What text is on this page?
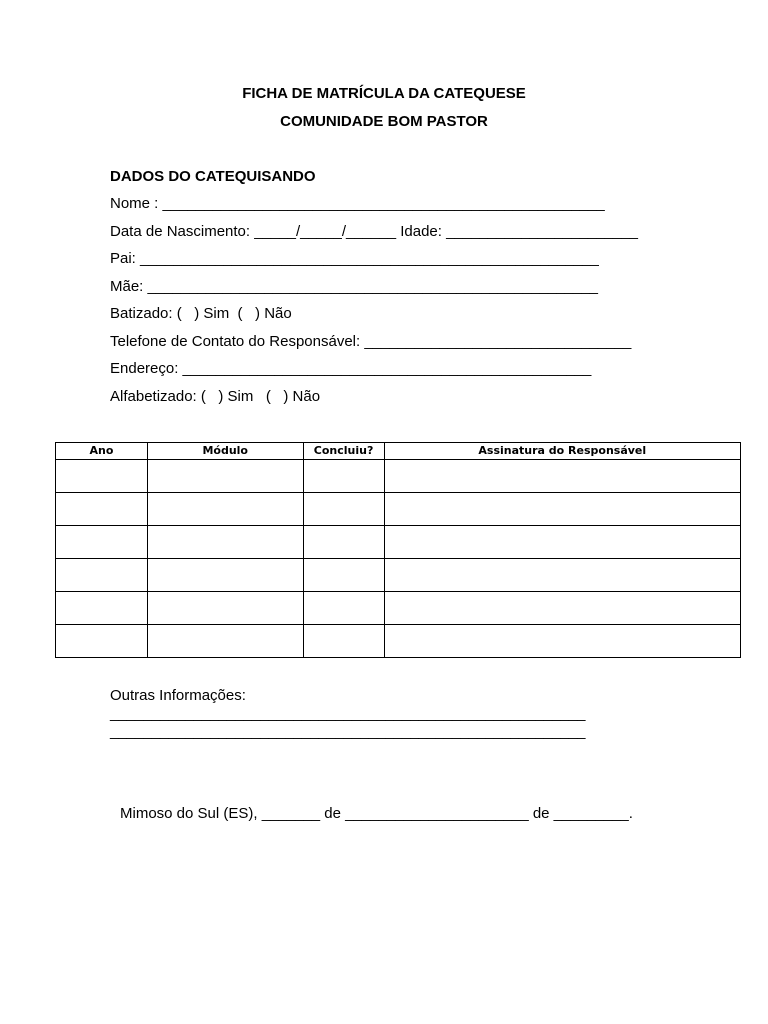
FICHA DE MATRÍCULA DA CATEQUESE
COMUNIDADE BOM PASTOR
DADOS DO CATEQUISANDO
Nome : _____________________________________________________
Data de Nascimento: _____/_____/______ Idade: _______________________
Pai: _______________________________________________________
Mãe: ______________________________________________________
Batizado: (   ) Sim  (   ) Não
Telefone de Contato do Responsável: ________________________________
Endereço: _________________________________________________
Alfabetizado: (   ) Sim   (   ) Não
Ano	Módulo	Concluiu?	Assinatura do Responsável

Outras Informações:
_________________________________________________________
_________________________________________________________
Mimoso do Sul (ES), _______ de ______________________ de _________.
